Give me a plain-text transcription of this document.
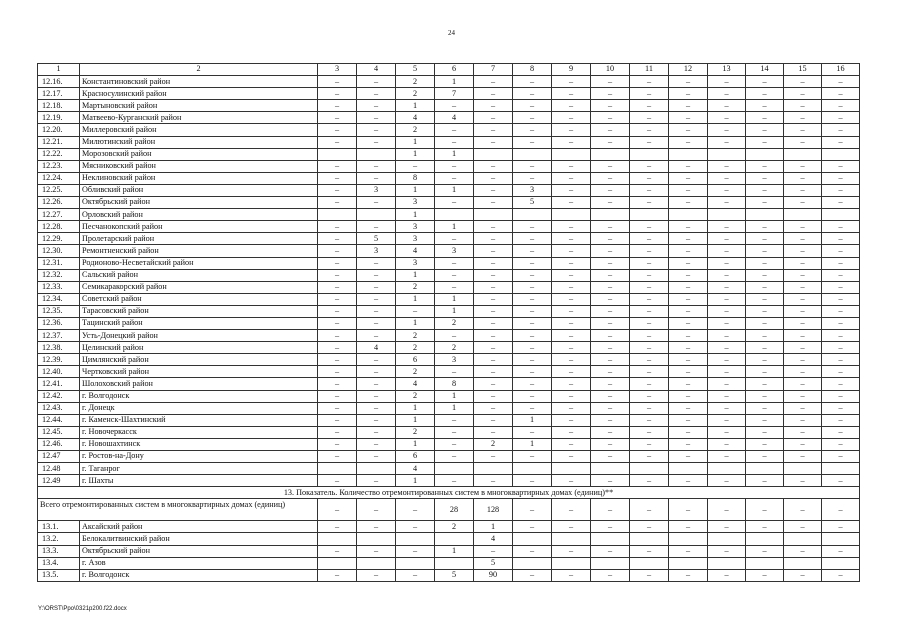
24
1	2	3	4	5	6	7	8	9	10	11	12	13	14	15	16
12.16.	Константиновский район	–	–	2	1	–	–	–	–	–	–	–	–	–	–
12.17.	Красносулинский район	–	–	2	7	–	–	–	–	–	–	–	–	–	–
12.18.	Мартыновский район	–	–	1	–	–	–	–	–	–	–	–	–	–	–
12.19.	Матвеево-Курганский район	–	–	4	4	–	–	–	–	–	–	–	–	–	–
12.20.	Миллеровский район	–	–	2	–	–	–	–	–	–	–	–	–	–	–
12.21.	Милютинский район	–	–	1	–	–	–	–	–	–	–	–	–	–	–
12.22.	Морозовский район			1	1										
12.23.	Мясниковский район	–	–	–	–	–	–	–	–	–	–	–	–	–	–
12.24.	Неклиновский район	–	–	8	–	–	–	–	–	–	–	–	–	–	–
12.25.	Обливский район	–	3	1	1	–	3	–	–	–	–	–	–	–	–
12.26.	Октябрьский район	–	–	3	–	–	5	–	–	–	–	–	–	–	–
12.27.	Орловский район			1											
12.28.	Песчанокопский район	–	–	3	1	–	–	–	–	–	–	–	–	–	–
12.29.	Пролетарский район	–	5	3	–	–	–	–	–	–	–	–	–	–	–
12.30.	Ремонтненский район	–	3	4	3	–	–	–	–	–	–	–	–	–	–
12.31.	Родионово-Несветайский район	–	–	3	–	–	–	–	–	–	–	–	–	–	–
12.32.	Сальский район	–	–	1	–	–	–	–	–	–	–	–	–	–	–
12.33.	Семикаракорский район	–	–	2	–	–	–	–	–	–	–	–	–	–	–
12.34.	Советский район	–	–	1	1	–	–	–	–	–	–	–	–	–	–
12.35.	Тарасовский район	–	–	–	1	–	–	–	–	–	–	–	–	–	–
12.36.	Тацинский район	–	–	1	2	–	–	–	–	–	–	–	–	–	–
12.37.	Усть-Донецкий район	–	–	2	–	–	–	–	–	–	–	–	–	–	–
12.38.	Целинский район	–	4	2	2	–	–	–	–	–	–	–	–	–	–
12.39.	Цимлянский район	–	–	6	3	–	–	–	–	–	–	–	–	–	–
12.40.	Чертковский район	–	–	2	–	–	–	–	–	–	–	–	–	–	–
12.41.	Шолоховский район	–	–	4	8	–	–	–	–	–	–	–	–	–	–
12.42.	г. Волгодонск	–	–	2	1	–	–	–	–	–	–	–	–	–	–
12.43.	г. Донецк	–	–	1	1	–	–	–	–	–	–	–	–	–	–
12.44.	г. Каменск-Шахтинский	–	–	1	–	–	1	–	–	–	–	–	–	–	–
12.45.	г. Новочеркасск	–	–	2	–	–	–	–	–	–	–	–	–	–	–
12.46.	г. Новошахтинск	–	–	1	–	2	1	–	–	–	–	–	–	–	–
12.47	г. Ростов-на-Дону	–	–	6	–	–	–	–	–	–	–	–	–	–	–
12.48	г. Таганрог			4											
12.49	г. Шахты	–	–	1	–	–	–	–	–	–	–	–	–	–	–
13. Показатель. Количество отремонтированных систем в многоквартирных домах (единиц)**															
Всего отремонтированных систем в многоквартирных домах (единиц)		–	–	–	28	128	–	–	–	–	–	–	–	–	–
13.1.	Аксайский район	–	–	–	2	1	–	–	–	–	–	–	–	–	–
13.2.	Белокалитвинский район					4									
13.3.	Октябрьский район	–	–	–	1	–	–	–	–	–	–	–	–	–	–
13.4.	г. Азов					5									
13.5.	г. Волгодонск	–	–	–	5	90	–	–	–	–	–	–	–	–	–
Y:\ORST\Ppo\0321p200.f22.docx
